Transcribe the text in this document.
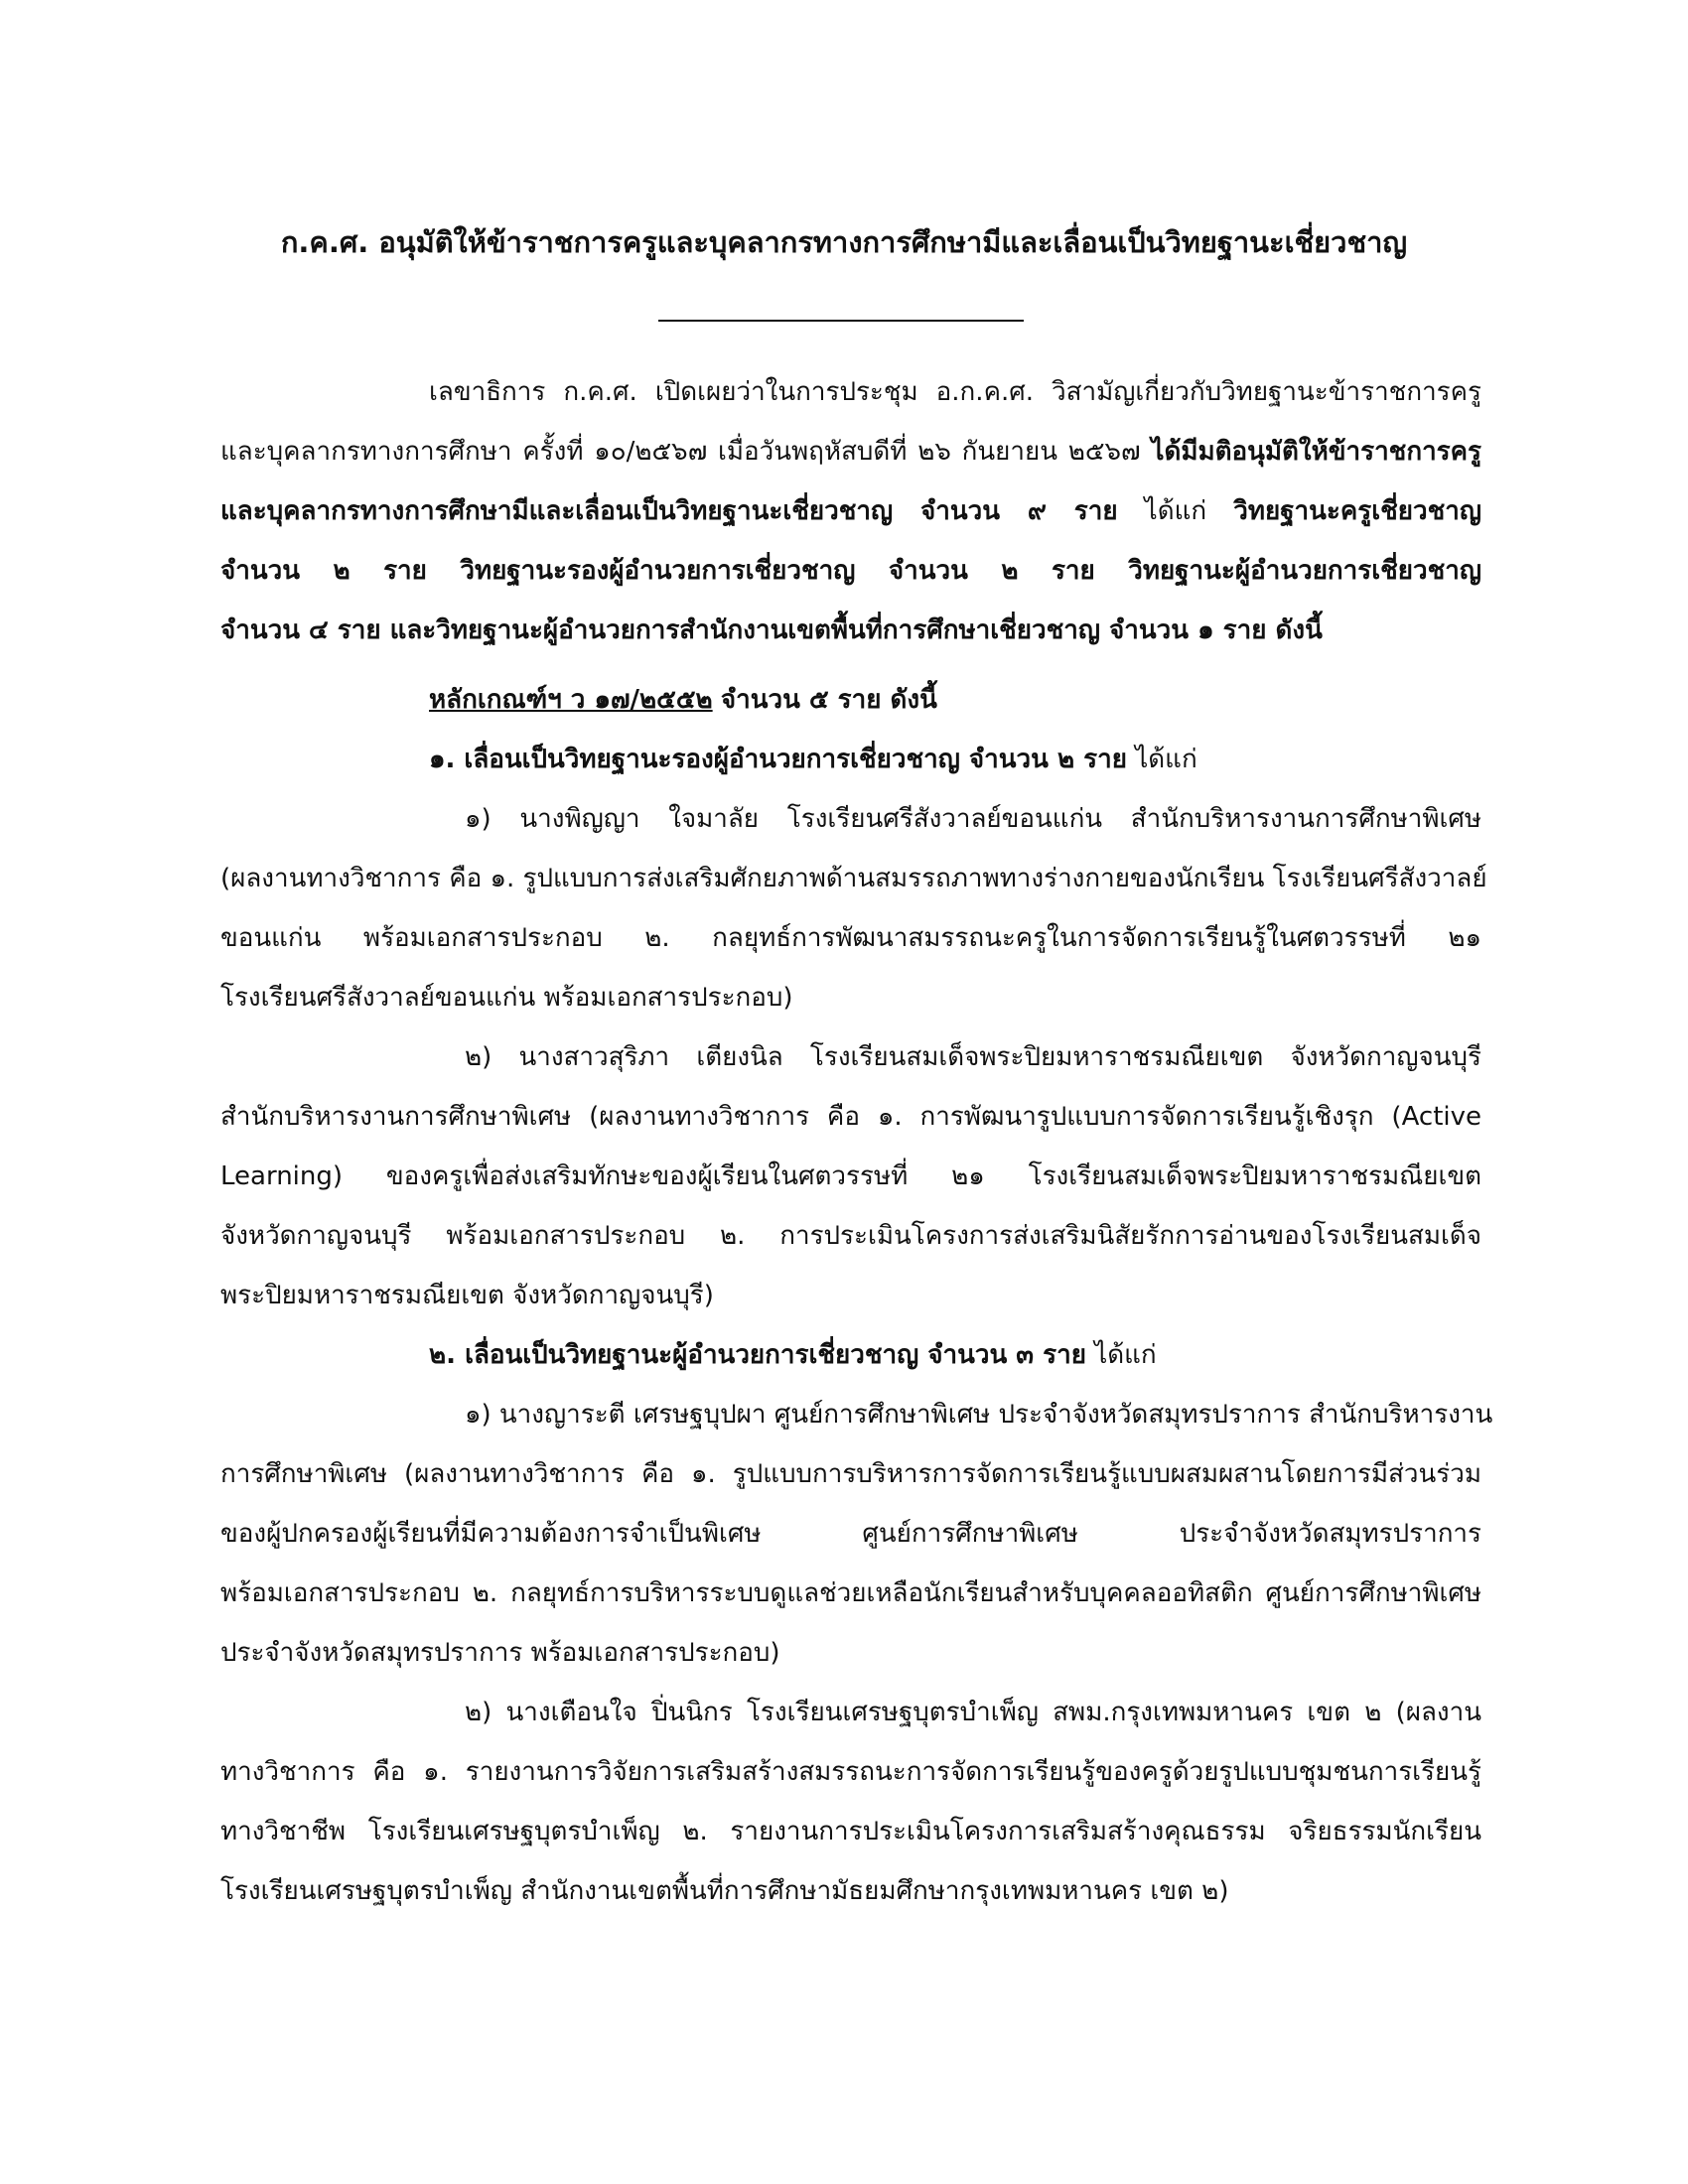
ก.ค.ศ. อนุมัติให้ข้าราชการครูและบุคลากรทางการศึกษามีและเลื่อนเป็นวิทยฐานะเชี่ยวชาญ
เลขาธิการ ก.ค.ศ. เปิดเผยว่าในการประชุม อ.ก.ค.ศ. วิสามัญเกี่ยวกับวิทยฐานะข้าราชการครู
และบุคลากรทางการศึกษา ครั้งที่ ๑๐/๒๕๖๗ เมื่อวันพฤหัสบดีที่ ๒๖ กันยายน ๒๕๖๗ ได้มีมติอนุมัติให้ข้าราชการครู
และบุคลากรทางการศึกษามีและเลื่อนเป็นวิทยฐานะเชี่ยวชาญ จำนวน ๙ ราย ได้แก่ วิทยฐานะครูเชี่ยวชาญ
จำนวน ๒ ราย วิทยฐานะรองผู้อำนวยการเชี่ยวชาญ จำนวน ๒ ราย วิทยฐานะผู้อำนวยการเชี่ยวชาญ
จำนวน ๔ ราย และวิทยฐานะผู้อำนวยการสำนักงานเขตพื้นที่การศึกษาเชี่ยวชาญ จำนวน ๑ ราย ดังนี้
หลักเกณฑ์ฯ ว ๑๗/๒๕๕๒ จำนวน ๕ ราย ดังนี้
๑. เลื่อนเป็นวิทยฐานะรองผู้อำนวยการเชี่ยวชาญ จำนวน ๒ ราย ได้แก่
๑) นางพิญญา ใจมาลัย โรงเรียนศรีสังวาลย์ขอนแก่น สำนักบริหารงานการศึกษาพิเศษ
(ผลงานทางวิชาการ คือ ๑. รูปแบบการส่งเสริมศักยภาพด้านสมรรถภาพทางร่างกายของนักเรียน โรงเรียนศรีสังวาลย์
ขอนแก่น พร้อมเอกสารประกอบ ๒. กลยุทธ์การพัฒนาสมรรถนะครูในการจัดการเรียนรู้ในศตวรรษที่ ๒๑
โรงเรียนศรีสังวาลย์ขอนแก่น พร้อมเอกสารประกอบ)
๒) นางสาวสุริภา เตียงนิล โรงเรียนสมเด็จพระปิยมหาราชรมณียเขต จังหวัดกาญจนบุรี
สำนักบริหารงานการศึกษาพิเศษ (ผลงานทางวิชาการ คือ ๑. การพัฒนารูปแบบการจัดการเรียนรู้เชิงรุก (Active
Learning) ของครูเพื่อส่งเสริมทักษะของผู้เรียนในศตวรรษที่ ๒๑ โรงเรียนสมเด็จพระปิยมหาราชรมณียเขต
จังหวัดกาญจนบุรี พร้อมเอกสารประกอบ ๒. การประเมินโครงการส่งเสริมนิสัยรักการอ่านของโรงเรียนสมเด็จ
พระปิยมหาราชรมณียเขต จังหวัดกาญจนบุรี)
๒. เลื่อนเป็นวิทยฐานะผู้อำนวยการเชี่ยวชาญ จำนวน ๓ ราย ได้แก่
๑) นางญาระตี เศรษฐบุปผา ศูนย์การศึกษาพิเศษ ประจำจังหวัดสมุทรปราการ สำนักบริหารงาน
การศึกษาพิเศษ (ผลงานทางวิชาการ คือ ๑. รูปแบบการบริหารการจัดการเรียนรู้แบบผสมผสานโดยการมีส่วนร่วม
ของผู้ปกครองผู้เรียนที่มีความต้องการจำเป็นพิเศษ ศูนย์การศึกษาพิเศษ ประจำจังหวัดสมุทรปราการ
พร้อมเอกสารประกอบ ๒. กลยุทธ์การบริหารระบบดูแลช่วยเหลือนักเรียนสำหรับบุคคลออทิสติก ศูนย์การศึกษาพิเศษ
ประจำจังหวัดสมุทรปราการ พร้อมเอกสารประกอบ)
๒) นางเตือนใจ ปิ่นนิกร โรงเรียนเศรษฐบุตรบำเพ็ญ สพม.กรุงเทพมหานคร เขต ๒ (ผลงาน
ทางวิชาการ คือ ๑. รายงานการวิจัยการเสริมสร้างสมรรถนะการจัดการเรียนรู้ของครูด้วยรูปแบบชุมชนการเรียนรู้
ทางวิชาชีพ โรงเรียนเศรษฐบุตรบำเพ็ญ ๒. รายงานการประเมินโครงการเสริมสร้างคุณธรรม จริยธรรมนักเรียน
โรงเรียนเศรษฐบุตรบำเพ็ญ สำนักงานเขตพื้นที่การศึกษามัธยมศึกษากรุงเทพมหานคร เขต ๒)
